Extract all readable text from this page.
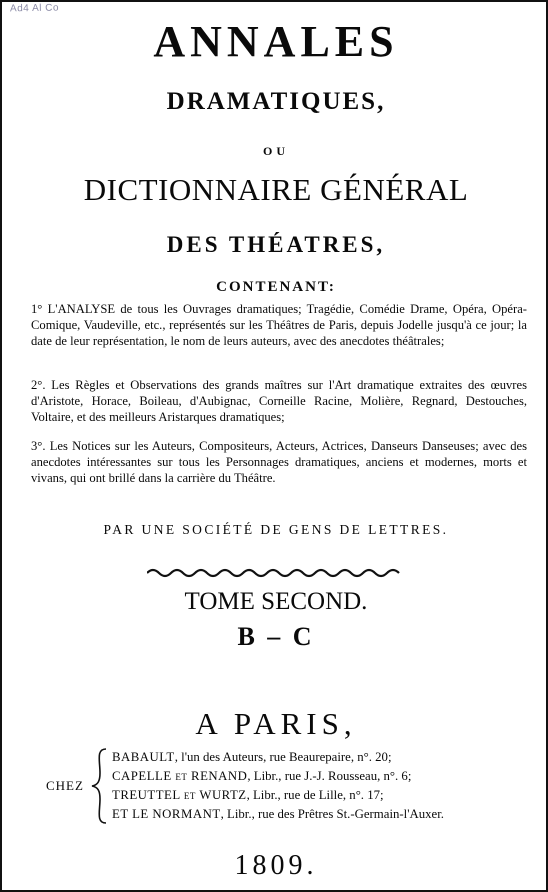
Ad4 Al Co
ANNALES
DRAMATIQUES,
OU
DICTIONNAIRE GÉNÉRAL
DES THÉATRES,
CONTENANT:

1° L'ANALYSE de tous les Ouvrages dramatiques; Tragédie, Comédie Drame, Opéra, Opéra-Comique, Vaudeville, etc., représentés sur les Théâtres de Paris, depuis Jodelle jusqu'à ce jour; la date de leur représentation, le nom de leurs auteurs, avec des anecdotes théâtrales;

2°. Les Règles et Observations des grands maîtres sur l'Art dramatique extraites des œuvres d'Aristote, Horace, Boileau, d'Aubignac, Corneille Racine, Molière, Regnard, Destouches, Voltaire, et des meilleurs Aristarques dramatiques;

3°. Les Notices sur les Auteurs, Compositeurs, Acteurs, Actrices, Danseurs Danseuses; avec des anecdotes intéressantes sur tous les Personnages dramatiques, anciens et modernes, morts et vivans, qui ont brillé dans la carrière du Théâtre.

PAR UNE SOCIÉTÉ DE GENS DE LETTRES.
TOME SECOND.
B – C
A PARIS,
CHEZ
BABAULT, l'un des Auteurs, rue Beaurepaire, n°. 20;
CAPELLE et RENAND, Libr., rue J.-J. Rousseau, n°. 6;
TREUTTEL et WURTZ, Libr., rue de Lille, n°. 17;
ET LE NORMANT, Libr., rue des Prêtres St.-Germain-l'Auxer.
1809.
